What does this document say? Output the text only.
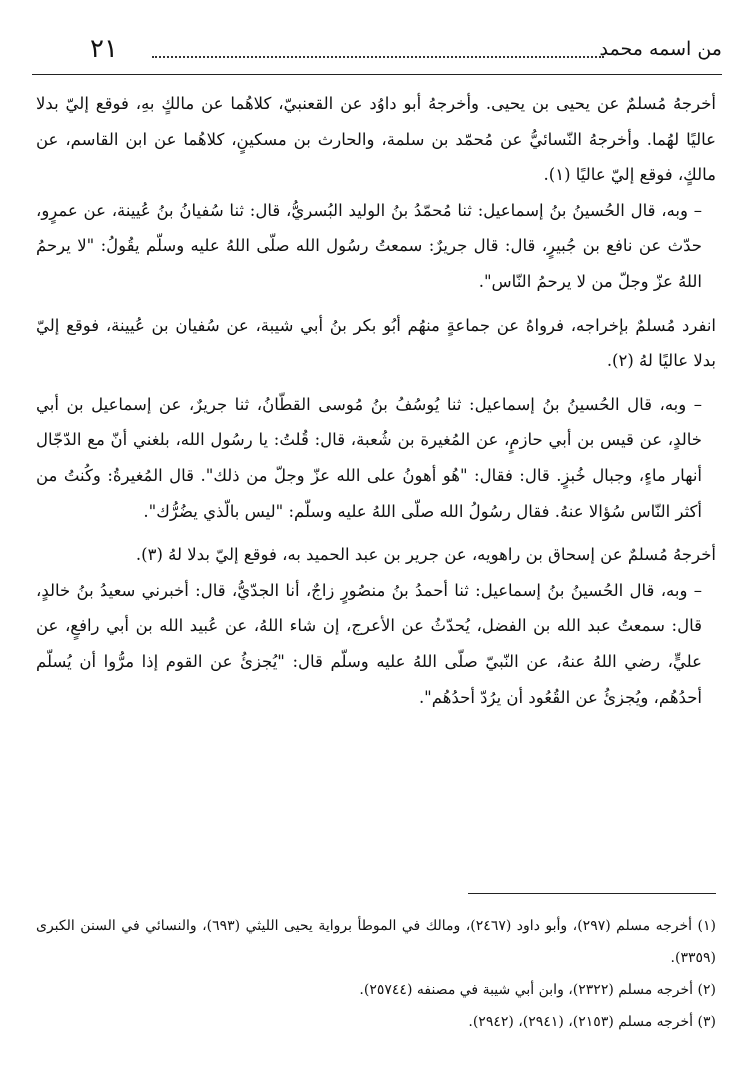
من اسمه محمد
٢١

أخرجهُ مُسلمٌ عن يحيى بن يحيى. وأخرجهُ أبو داوُد عن القعنبيّ، كلاهُما عن مالكٍ بهِ، فوقع إليّ بدلا عاليًا لهُما. وأخرجهُ النّسائيُّ عن مُحمّد بن سلمة، والحارث بن مسكينٍ، كلاهُما عن ابن القاسم، عن مالكٍ، فوقع إليّ عاليًا (١).

– وبه، قال الحُسينُ بنُ إسماعيل: ثنا مُحمّدُ بنُ الوليد البُسريُّ، قال: ثنا سُفيانُ بنُ عُيينة، عن عمرٍو، حدّث عن نافع بن جُبيرٍ، قال: قال جريرٌ: سمعتُ رسُول الله صلّى اللهُ عليه وسلّم يقُولُ: "لا يرحمُ اللهُ عزّ وجلّ من لا يرحمُ النّاس".

انفرد مُسلمٌ بإخراجه، فرواهُ عن جماعةٍ منهُم أبُو بكر بنُ أبي شيبة، عن سُفيان بن عُيينة، فوقع إليّ بدلا عاليًا لهُ (٢).

– وبه، قال الحُسينُ بنُ إسماعيل: ثنا يُوسُفُ بنُ مُوسى القطّانُ، ثنا جريرٌ، عن إسماعيل بن أبي خالدٍ، عن قيس بن أبي حازمٍ، عن المُغيرة بن شُعبة، قال: قُلتُ: يا رسُول الله، بلغني أنّ مع الدّجّال أنهار ماءٍ، وجبال خُبزٍ. قال: فقال: "هُو أهونُ على الله عزّ وجلّ من ذلك". قال المُغيرةُ: وكُنتُ من أكثر النّاس سُؤالا عنهُ. فقال رسُولُ الله صلّى اللهُ عليه وسلّم: "ليس بالّذي يضُرُّك".

أخرجهُ مُسلمٌ عن إسحاق بن راهويه، عن جرير بن عبد الحميد به، فوقع إليّ بدلا لهُ (٣).

– وبه، قال الحُسينُ بنُ إسماعيل: ثنا أحمدُ بنُ منصُورٍ زاجٌ، أنا الجدّيُّ، قال: أخبرني سعيدُ بنُ خالدٍ، قال: سمعتُ عبد الله بن الفضل، يُحدّثُ عن الأعرج، إن شاء اللهُ، عن عُبيد الله بن أبي رافعٍ، عن عليٍّ، رضي اللهُ عنهُ، عن النّبيّ صلّى اللهُ عليه وسلّم قال: "يُجزئُ عن القوم إذا مرُّوا أن يُسلّم أحدُهُم، ويُجزئُ عن القُعُود أن يرُدّ أحدُهُم".

(١) أخرجه مسلم (٢٩٧)، وأبو داود (٢٤٦٧)، ومالك في الموطأ برواية يحيى الليثي (٦٩٣)، والنسائي في السنن الكبرى (٣٣٥٩).

(٢) أخرجه مسلم (٢٣٢٢)، وابن أبي شيبة في مصنفه (٢٥٧٤٤).

(٣) أخرجه مسلم (٢١٥٣)، (٢٩٤١)، (٢٩٤٢).
